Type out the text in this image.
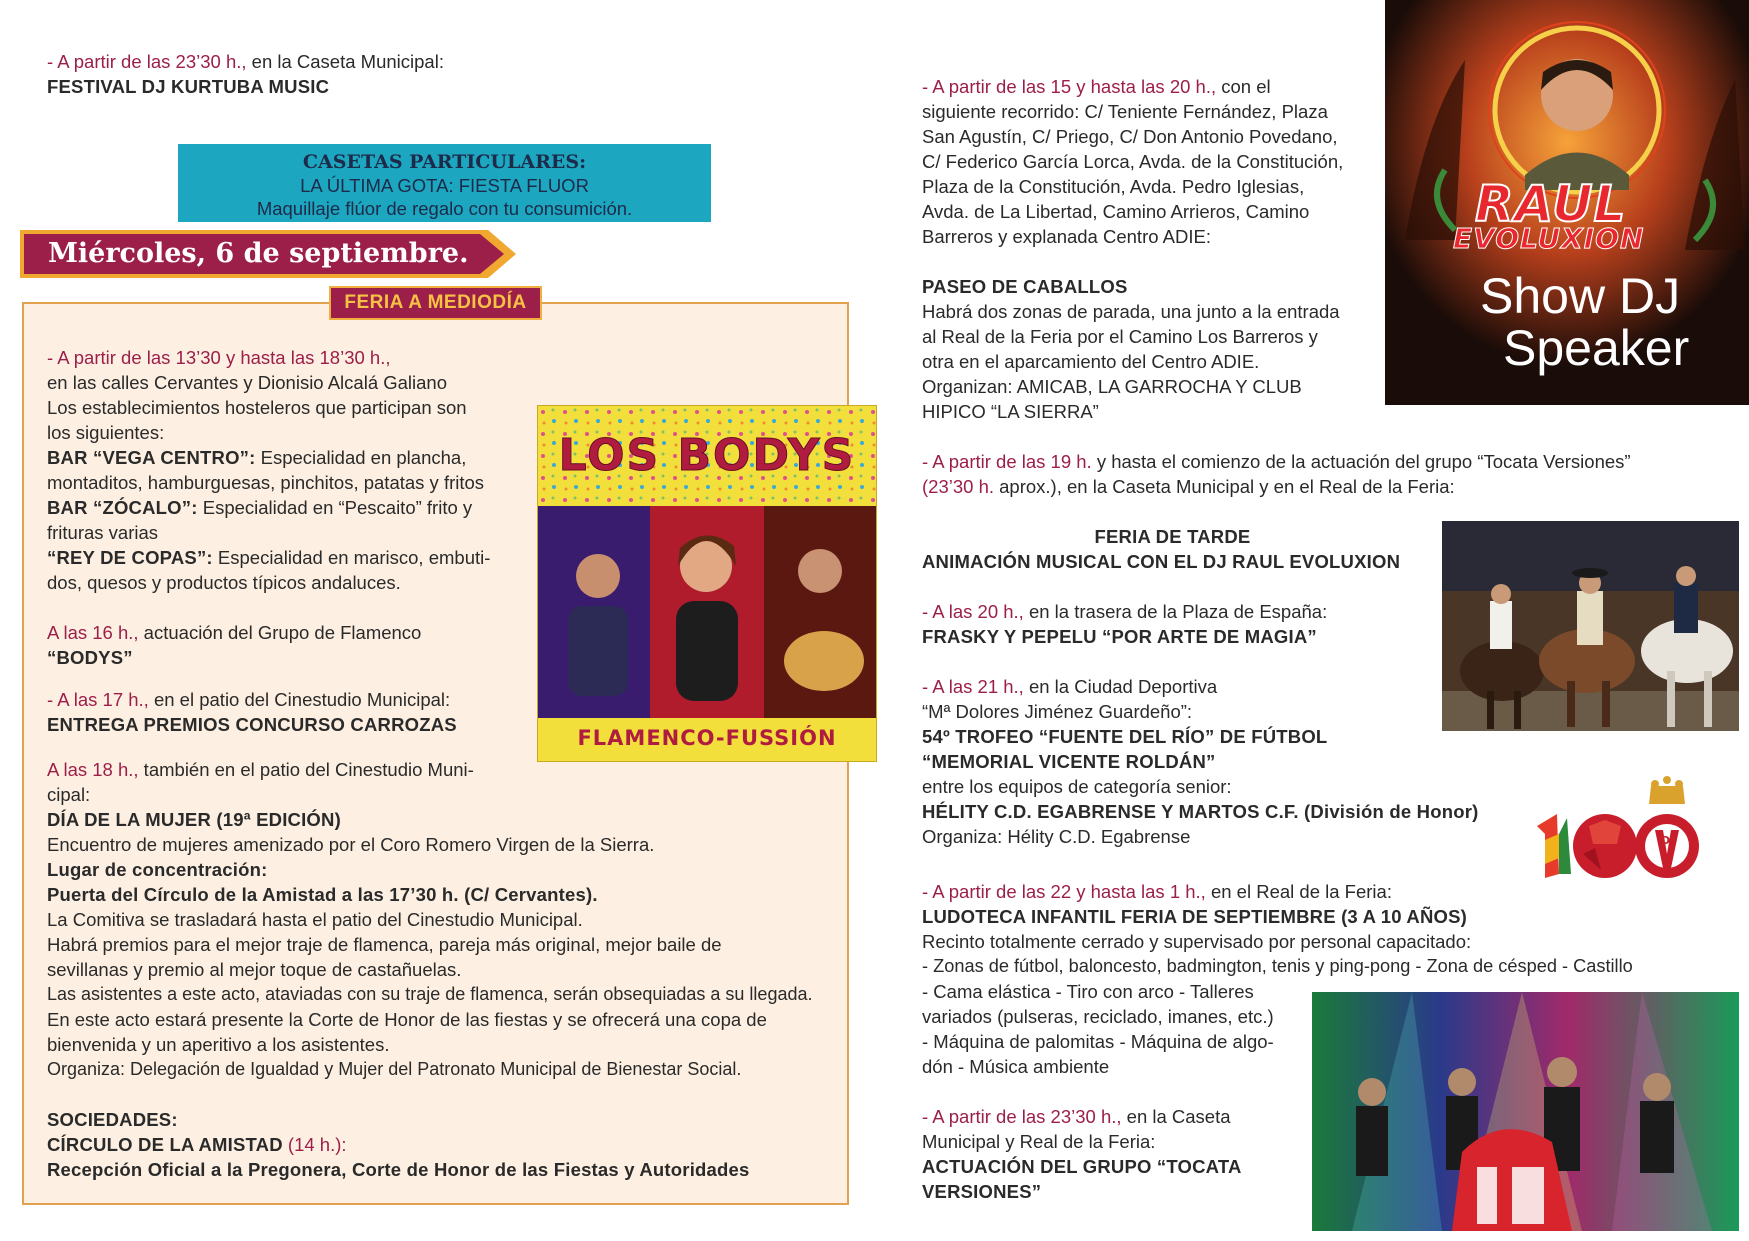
- A partir de las 23’30 h., en la Caseta Municipal:
FESTIVAL DJ KURTUBA MUSIC
CASETAS PARTICULARES:
LA ÚLTIMA GOTA: FIESTA FLUOR
Maquillaje flúor de regalo con tu consumición.
Miércoles, 6 de septiembre.
FERIA A MEDIODÍA
- A partir de las 13’30 y hasta las 18’30 h.,
en las calles Cervantes y Dionisio Alcalá Galiano
Los establecimientos hosteleros que participan son
los siguientes:
BAR “VEGA CENTRO”: Especialidad en plancha,
montaditos, hamburguesas, pinchitos, patatas y fritos
BAR “ZÓCALO”: Especialidad en “Pescaito” frito y
frituras varias
“REY DE COPAS”: Especialidad en marisco, embuti-
dos, quesos y productos típicos andaluces.
A las 16 h., actuación del Grupo de Flamenco
“BODYS”
- A las 17 h., en el patio del Cinestudio Municipal:
ENTREGA PREMIOS CONCURSO CARROZAS
A las 18 h., también en el patio del Cinestudio Muni-
cipal:
DÍA DE LA MUJER (19ª EDICIÓN)
Encuentro de mujeres amenizado por el Coro Romero Virgen de la Sierra.
Lugar de concentración:
Puerta del Círculo de la Amistad a las 17’30 h. (C/ Cervantes).
La Comitiva se trasladará hasta el patio del Cinestudio Municipal.
Habrá premios para el mejor traje de flamenca, pareja más original, mejor baile de
sevillanas y premio al mejor toque de castañuelas.
Las asistentes a este acto, ataviadas con su traje de flamenca, serán obsequiadas a su llegada.
En este acto estará presente la Corte de Honor de las fiestas y se ofrecerá una copa de
bienvenida y un aperitivo a los asistentes.
Organiza: Delegación de Igualdad y Mujer del Patronato Municipal de Bienestar Social.
SOCIEDADES:
CÍRCULO DE LA AMISTAD (14 h.):
Recepción Oficial a la Pregonera, Corte de Honor de las Fiestas y Autoridades
LOS BODYS
FLAMENCO-FUSSIÓN
- A partir de las 15 y hasta las 20 h., con el
siguiente recorrido: C/ Teniente Fernández, Plaza
San Agustín, C/ Priego, C/ Don Antonio Povedano,
C/ Federico García Lorca, Avda. de la Constitución,
Plaza de la Constitución, Avda. Pedro Iglesias,
Avda. de La Libertad, Camino Arrieros, Camino
Barreros y explanada Centro ADIE:
PASEO DE CABALLOS
Habrá dos zonas de parada, una junto a la entrada
al Real de la Feria por el Camino Los Barreros y
otra en el aparcamiento del Centro ADIE.
Organizan: AMICAB, LA GARROCHA Y CLUB
HIPICO “LA SIERRA”
- A partir de las 19 h. y hasta el comienzo de la actuación del grupo “Tocata Versiones”
(23’30 h. aprox.), en la Caseta Municipal y en el Real de la Feria:
FERIA DE TARDE
ANIMACIÓN MUSICAL CON EL DJ RAUL EVOLUXION
- A las 20 h., en la trasera de la Plaza de España:
FRASKY Y PEPELU “POR ARTE DE MAGIA”
- A las 21 h., en la Ciudad Deportiva
“Mª Dolores Jiménez Guardeño”:
54º TROFEO “FUENTE DEL RÍO” DE FÚTBOL
“MEMORIAL VICENTE ROLDÁN”
entre los equipos de categoría senior:
HÉLITY C.D. EGABRENSE Y MARTOS C.F. (División de Honor)
Organiza: Hélity C.D. Egabrense
- A partir de las 22 y hasta las 1 h., en el Real de la Feria:
LUDOTECA INFANTIL FERIA DE SEPTIEMBRE (3 A 10 AÑOS)
Recinto totalmente cerrado y supervisado por personal capacitado:
- Zonas de fútbol, baloncesto, badmington, tenis y ping-pong - Zona de césped - Castillo
- Cama elástica - Tiro con arco - Talleres
variados (pulseras, reciclado, imanes, etc.)
- Máquina de palomitas - Máquina de algo-
dón - Música ambiente
- A partir de las 23’30 h., en la Caseta
Municipal y Real de la Feria:
ACTUACIÓN DEL GRUPO “TOCATA
VERSIONES”
RAUL
EVOLUXION
Show DJ
Speaker
D
100
